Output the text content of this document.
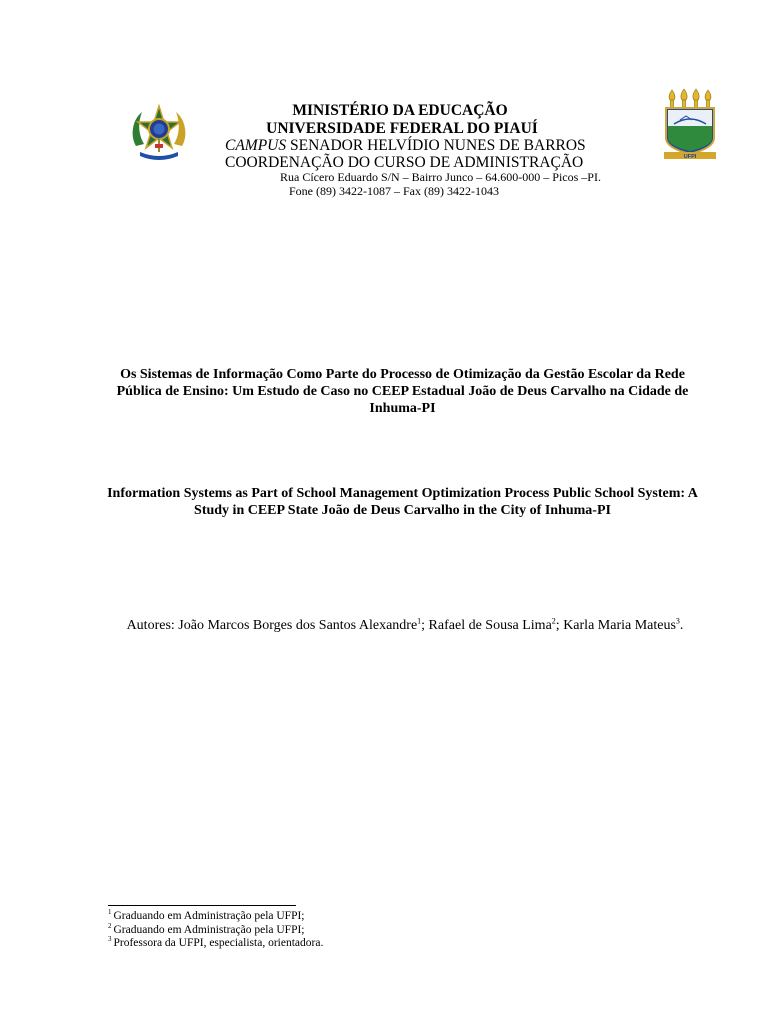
MINISTÉRIO DA EDUCAÇÃO
UNIVERSIDADE FEDERAL DO PIAUÍ
CAMPUS SENADOR HELVÍDIO NUNES DE BARROS
COORDENAÇÃO DO CURSO DE ADMINISTRAÇÃO
Rua Cícero Eduardo S/N – Bairro Junco – 64.600-000 – Picos –PI.
Fone (89) 3422-1087 – Fax (89) 3422-1043
UFPI
Os Sistemas de Informação Como Parte do Processo de Otimização da Gestão Escolar da Rede Pública de Ensino: Um Estudo de Caso no CEEP Estadual João de Deus Carvalho na Cidade de Inhuma-PI
Information Systems as Part of School Management Optimization Process Public School System: A Study in CEEP State João de Deus Carvalho in the City of Inhuma-PI
Autores: João Marcos Borges dos Santos Alexandre$^1$; Rafael de Sousa Lima$^2$; Karla Maria Mateus$^3$.
$^1$ Graduando em Administração pela UFPI;
$^2$ Graduando em Administração pela UFPI;
$^3$ Professora da UFPI, especialista, orientadora.
